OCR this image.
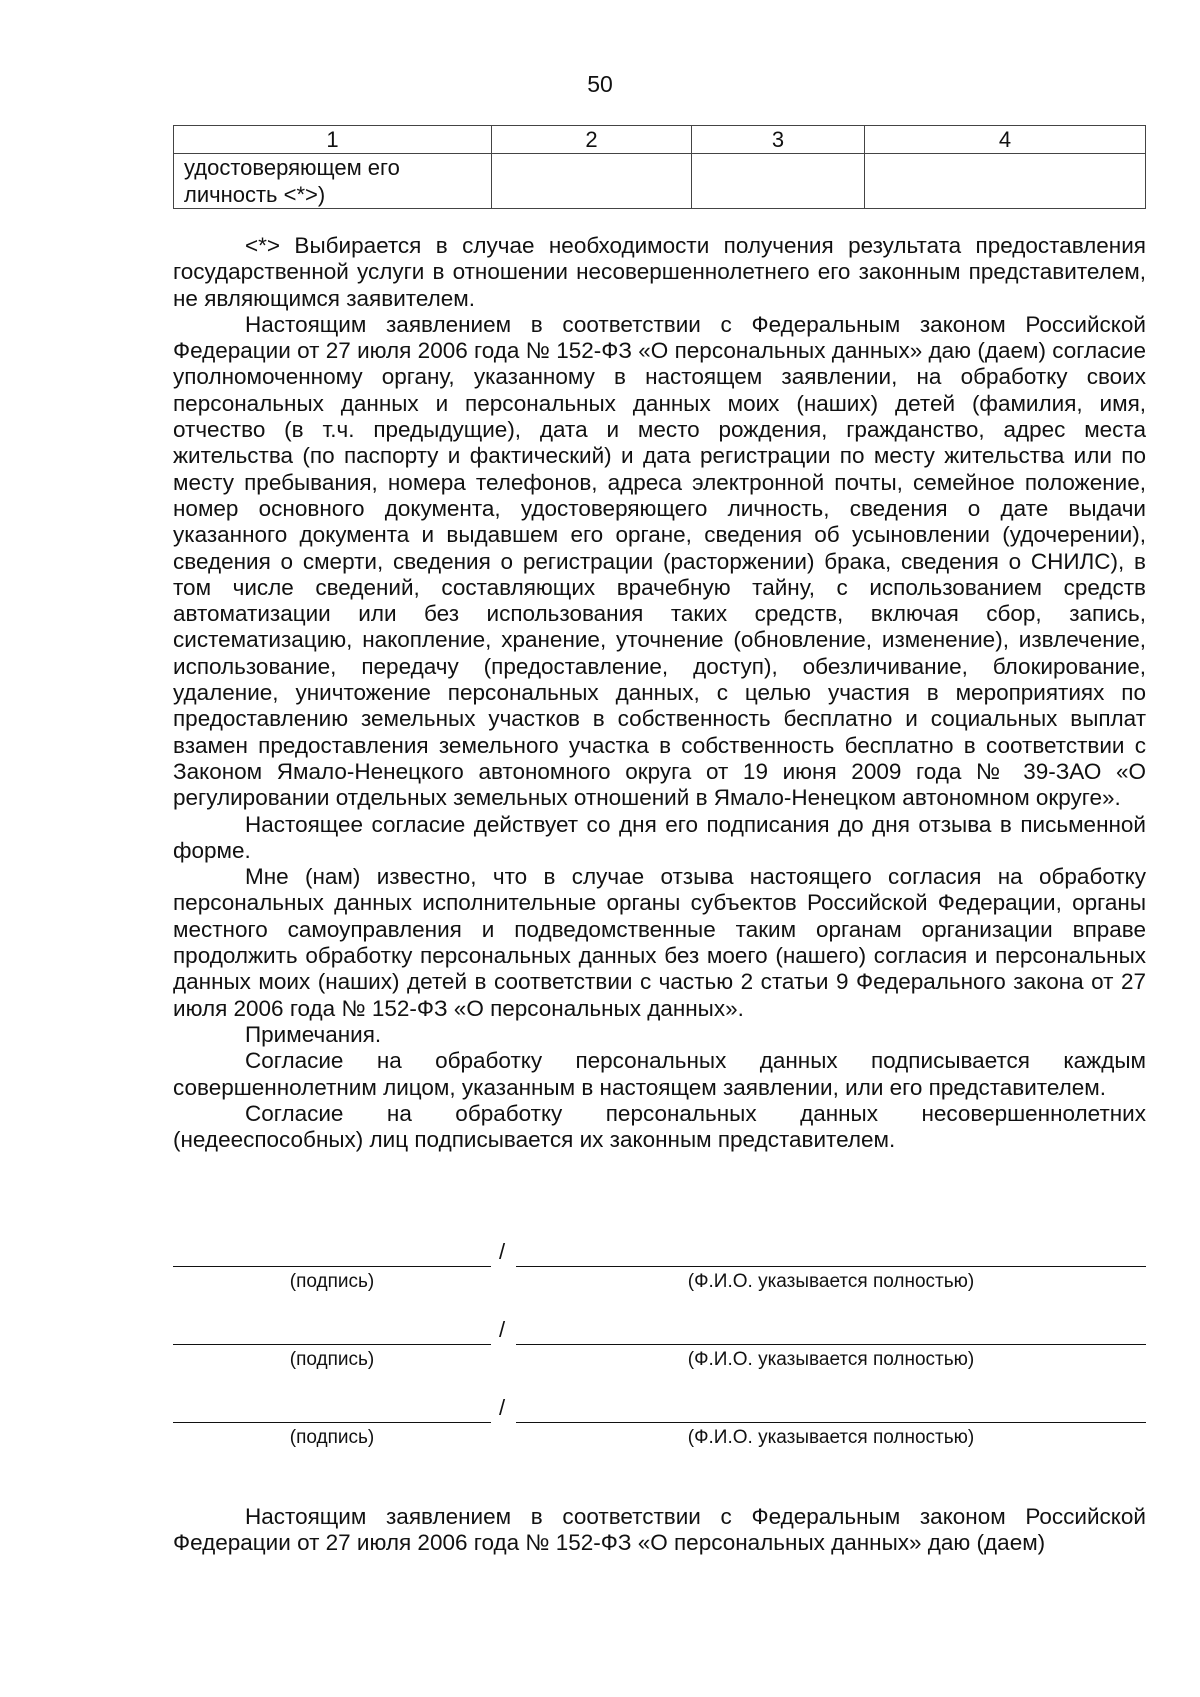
50
1	2	3	4
удостоверяющем его личность <*>)			

<*> Выбирается в случае необходимости получения результата предоставления государственной услуги в отношении несовершеннолетнего его законным представителем, не являющимся заявителем.

Настоящим заявлением в соответствии с Федеральным законом Российской Федерации от 27 июля 2006 года № 152-ФЗ «О персональных данных» даю (даем) согласие уполномоченному органу, указанному в настоящем заявлении, на обработку своих персональных данных и персональных данных моих (наших) детей (фамилия, имя, отчество (в т.ч. предыдущие), дата и место рождения, гражданство, адрес места жительства (по паспорту и фактический) и дата регистрации по месту жительства или по месту пребывания, номера телефонов, адреса электронной почты, семейное положение, номер основного документа, удостоверяющего личность, сведения о дате выдачи указанного документа и выдавшем его органе, сведения об усыновлении (удочерении), сведения о смерти, сведения о регистрации (расторжении) брака, сведения о СНИЛС), в том числе сведений, составляющих врачебную тайну, с использованием средств автоматизации или без использования таких средств, включая сбор, запись, систематизацию, накопление, хранение, уточнение (обновление, изменение), извлечение, использование, передачу (предоставление, доступ), обезличивание, блокирование, удаление, уничтожение персональных данных, с целью участия в мероприятиях по предоставлению земельных участков в собственность бесплатно и социальных выплат взамен предоставления земельного участка в собственность бесплатно в соответствии с Законом Ямало-Ненецкого автономного округа от 19 июня 2009 года № 39-ЗАО «О регулировании отдельных земельных отношений в Ямало-Ненецком автономном округе».

Настоящее согласие действует со дня его подписания до дня отзыва в письменной форме.

Мне (нам) известно, что в случае отзыва настоящего согласия на обработку персональных данных исполнительные органы субъектов Российской Федерации, органы местного самоуправления и подведомственные таким органам организации вправе продолжить обработку персональных данных без моего (нашего) согласия и персональных данных моих (наших) детей в соответствии с частью 2 статьи 9 Федерального закона от 27 июля 2006 года № 152-ФЗ «О персональных данных».

Примечания.

Согласие на обработку персональных данных подписывается каждым совершеннолетним лицом, указанным в настоящем заявлении, или его представителем.

Согласие на обработку персональных данных несовершеннолетних (недееспособных) лиц подписывается их законным представителем.

/
(подпись)	(Ф.И.О. указывается полностью)
/
(подпись)	(Ф.И.О. указывается полностью)
/
(подпись)	(Ф.И.О. указывается полностью)

Настоящим заявлением в соответствии с Федеральным законом Российской Федерации от 27 июля 2006 года № 152-ФЗ «О персональных данных» даю (даем)
